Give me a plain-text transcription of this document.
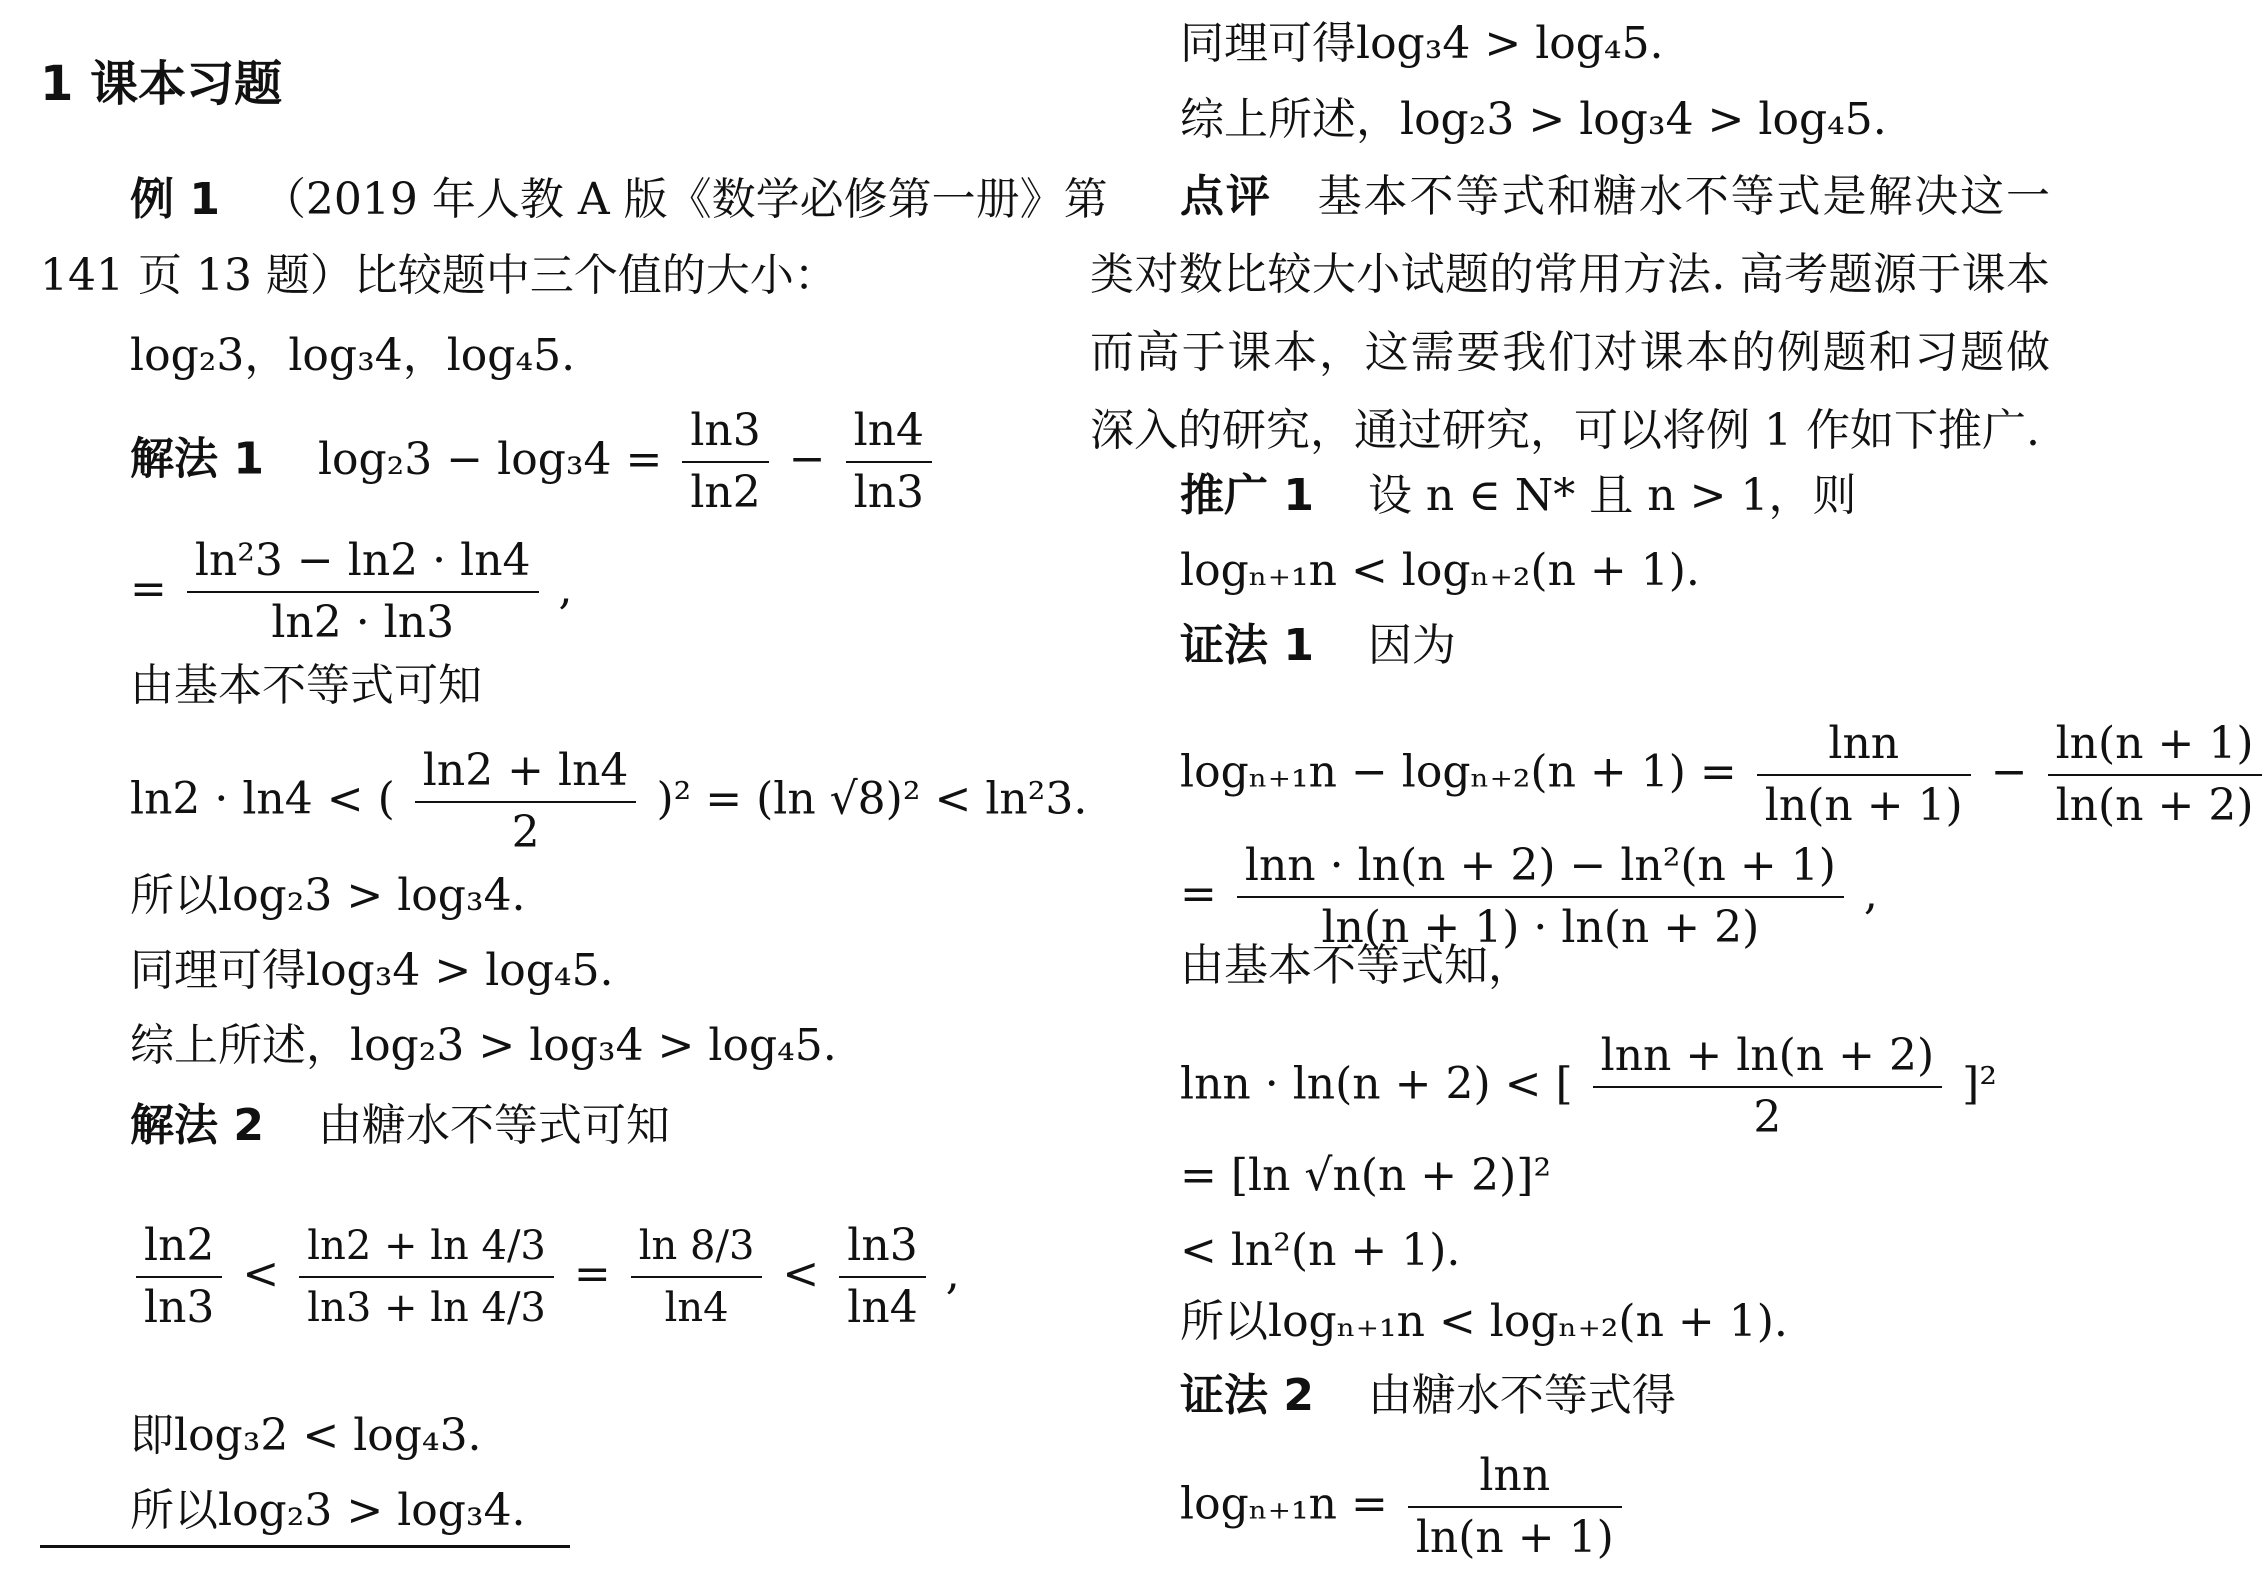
1 课本习题
例 1 （2019 年人教 A 版《数学必修第一册》第
141 页 13 题）比较题中三个值的大小：
log₂3，log₃4，log₄5.
解法 1 $\log_23 - \log_34 = \frac{\ln 3}{\ln 2} - \frac{\ln 4}{\ln 3}$
= $\frac{\text{ln²3 − ln2 · ln4}}{\ln 2 \cdot \ln 3}$ ,
由基本不等式可知
ln2 · ln4 < ( $\frac{\ln 2 + \ln 4}{2} )^2 = (\ln$ √8)² < ln²3.
所以log₂3 > log₃4.
同理可得log₃4 > log₄5.
综上所述，log₂3 > log₃4 > log₄5.
解法 2 由糖水不等式可知
$\frac{\ln 2}{\ln 3} < \frac{\ln 2 + \ln 4/3}{\ln 3 + \ln 4/3} = \frac{\ln 8/3}{\ln 4} < \frac{\ln 3}{\ln 4}$ ,
即log₃2 < log₄3.
所以log₂3 > log₃4.
同理可得log₃4 > log₄5.
综上所述，log₂3 > log₃4 > log₄5.
点评 基本不等式和糖水不等式是解决这一类对数比较大小试题的常用方法. 高考题源于课本而高于课本，这需要我们对课本的例题和习题做深入的研究，通过研究，可以将例 1 作如下推广.
推广 1 设 n ∈ N* 且 n > 1，则
logₙ₊₁n < logₙ₊₂(n + 1).
证法 1 因为
$\log_{n+1}n - \log_{n+2}(n + 1) = \frac{\ln n}{\ln(n + 1)} - \frac{\ln(n + 1)}{\ln(n + 2)}$
= $\frac{\text{lnn · ln(n + 2) − ln²(n + 1)}}{\ln(n + 1) \cdot \ln(n + 2)}$ ,
由基本不等式知，
lnn · ln(n + 2) < [ $\frac{\ln n + \ln(n + 2)}{2} ]^2$
= [ln √n(n + 2)]²
< ln²(n + 1).
所以logₙ₊₁n < logₙ₊₂(n + 1).
证法 2 由糖水不等式得
$\log_{n+1}n = \frac{\ln n}{\ln(n + 1)}$
